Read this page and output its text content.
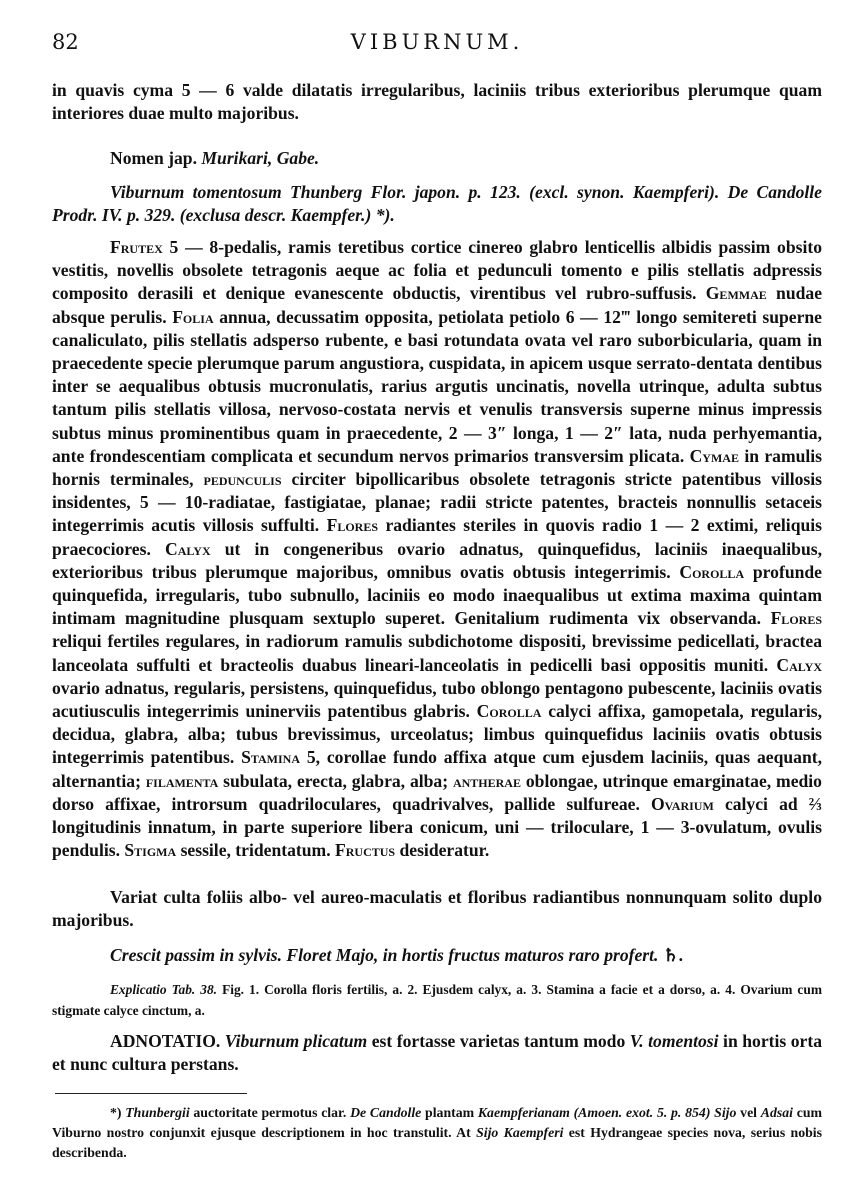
82	VIBURNUM.
in quavis cyma 5 — 6 valde dilatatis irregularibus, laciniis tribus exterioribus plerumque quam interiores duae multo majoribus.
Nomen jap. Murikari, Gabe.
Viburnum tomentosum Thunberg Flor. japon. p. 123. (excl. synon. Kaempferi). De Candolle Prodr. IV. p. 329. (exclusa descr. Kaempfer.) *).
Frutex 5 — 8-pedalis, ramis teretibus cortice cinereo glabro lenticellis albidis passim obsito vestitis, novellis obsolete tetragonis aeque ac folia et pedunculi tomento e pilis stellatis adpressis composito derasili et denique evanescente obductis, virentibus vel rubro-suffusis. Gemmae nudae absque perulis. Folia annua, decussatim opposita, petiolata petiolo 6 — 12‴ longo semitereti superne canaliculato, pilis stellatis adsperso rubente, e basi rotundata ovata vel raro suborbicularia, quam in praecedente specie plerumque parum angustiora, cuspidata, in apicem usque serrato-dentata dentibus inter se aequalibus obtusis mucronulatis, rarius argutis uncinatis, novella utrinque, adulta subtus tantum pilis stellatis villosa, nervoso-costata nervis et venulis transversis superne minus impressis subtus minus prominentibus quam in praecedente, 2 — 3″ longa, 1 — 2″ lata, nuda perhyemantia, ante frondescentiam complicata et secundum nervos primarios transversim plicata. Cymae in ramulis hornis terminales, pedunculis circiter bipollicaribus obsolete tetragonis stricte patentibus villosis insidentes, 5 — 10-radiatae, fastigiatae, planae; radii stricte patentes, bracteis nonnullis setaceis integerrimis acutis villosis suffulti. Flores radiantes steriles in quovis radio 1 — 2 extimi, reliquis praecociores. Calyx ut in congeneribus ovario adnatus, quinquefidus, laciniis inaequalibus, exterioribus tribus plerumque majoribus, omnibus ovatis obtusis integerrimis. Corolla profunde quinquefida, irregularis, tubo subnullo, laciniis eo modo inaequalibus ut extima maxima quintam intimam magnitudine plusquam sextuplo superet. Genitalium rudimenta vix observanda. Flores reliqui fertiles regulares, in radiorum ramulis subdichotome dispositi, brevissime pedicellati, bractea lanceolata suffulti et bracteolis duabus lineari-lanceolatis in pedicelli basi oppositis muniti. Calyx ovario adnatus, regularis, persistens, quinquefidus, tubo oblongo pentagono pubescente, laciniis ovatis acutiusculis integerrimis uninerviis patentibus glabris. Corolla calyci affixa, gamopetala, regularis, decidua, glabra, alba; tubus brevissimus, urceolatus; limbus quinquefidus laciniis ovatis obtusis integerrimis patentibus. Stamina 5, corollae fundo affixa atque cum ejusdem laciniis, quas aequant, alternantia; filamenta subulata, erecta, glabra, alba; antherae oblongae, utrinque emarginatae, medio dorso affixae, introrsum quadriloculares, quadrivalves, pallide sulfureae. Ovarium calyci ad ⅔ longitudinis innatum, in parte superiore libera conicum, uni — triloculare, 1 — 3-ovulatum, ovulis pendulis. Stigma sessile, tridentatum. Fructus desideratur.
Variat culta foliis albo- vel aureo-maculatis et floribus radiantibus nonnunquam solito duplo majoribus.
Crescit passim in sylvis. Floret Majo, in hortis fructus maturos raro profert. ♄.
Explicatio Tab. 38. Fig. 1. Corolla floris fertilis, a. 2. Ejusdem calyx, a. 3. Stamina a facie et a dorso, a. 4. Ovarium cum stigmate calyce cinctum, a.
ADNOTATIO. Viburnum plicatum est fortasse varietas tantum modo V. tomentosi in hortis orta et nunc cultura perstans.
*) Thunbergii auctoritate permotus clar. De Candolle plantam Kaempferianam (Amoen. exot. 5. p. 854) Sijo vel Adsai cum Viburno nostro conjunxit ejusque descriptionem in hoc transtulit. At Sijo Kaempferi est Hydrangeae species nova, serius nobis describenda.
